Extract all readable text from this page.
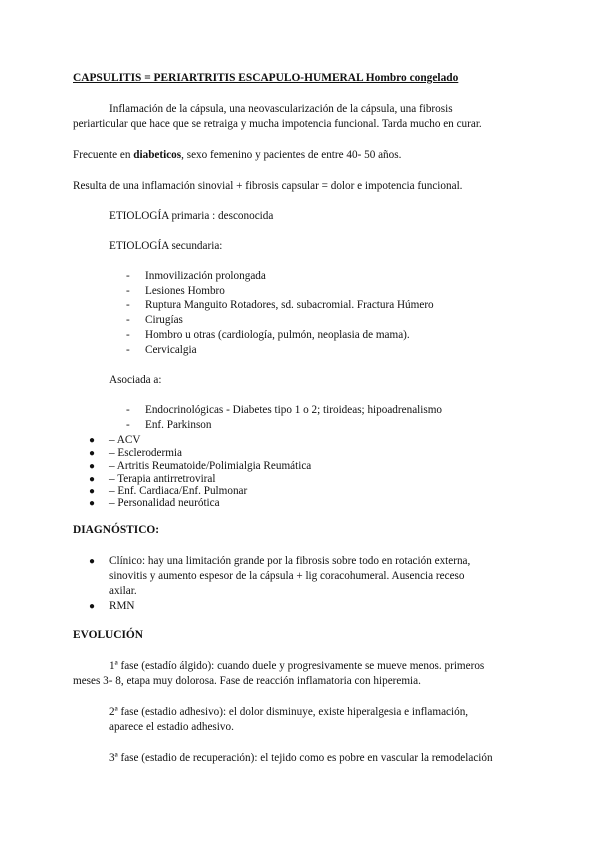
CAPSULITIS = PERIARTRITIS ESCAPULO-HUMERAL Hombro congelado
Inflamación de la cápsula, una neovascularización de la cápsula, una fibrosis
periarticular que hace que se retraiga y mucha impotencia funcional. Tarda mucho en curar.
Frecuente en diabeticos, sexo femenino y pacientes de entre 40- 50 años.
Resulta de una inflamación sinovial + fibrosis capsular = dolor e impotencia funcional.
ETIOLOGÍA primaria : desconocida
ETIOLOGÍA secundaria:
- Inmovilización prolongada
- Lesiones Hombro
- Ruptura Manguito Rotadores, sd. subacromial. Fractura Húmero
- Cirugías
- Hombro u otras (cardiología, pulmón, neoplasia de mama).
- Cervicalgia
Asociada a:
- Endocrinológicas - Diabetes tipo 1 o 2; tiroideas; hipoadrenalismo
- Enf. Parkinson
● – ACV
● – Esclerodermia
● – Artritis Reumatoide/Polimialgia Reumática
● – Terapia antirretroviral
● – Enf. Cardiaca/Enf. Pulmonar
● – Personalidad neurótica
DIAGNÓSTICO:
● Clínico: hay una limitación grande por la fibrosis sobre todo en rotación externa,
sinovitis y aumento espesor de la cápsula + lig coracohumeral. Ausencia receso
axilar.
● RMN
EVOLUCIÓN
1ª fase (estadío álgido): cuando duele y progresivamente se mueve menos. primeros
meses 3- 8, etapa muy dolorosa. Fase de reacción inflamatoria con hiperemia.
2ª fase (estadio adhesivo): el dolor disminuye, existe hiperalgesia e inflamación,
aparece el estadio adhesivo.
3ª fase (estadio de recuperación): el tejido como es pobre en vascular la remodelación
